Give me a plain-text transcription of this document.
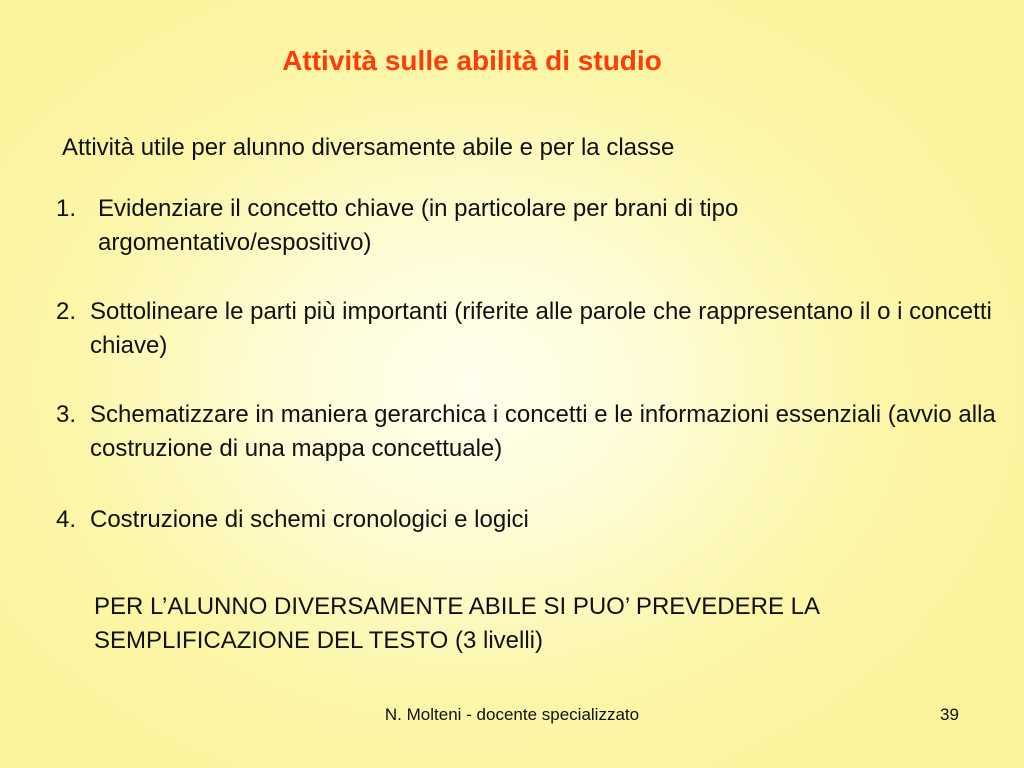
Attività sulle abilità di studio

Attività utile per alunno diversamente abile e per la classe

1. Evidenziare il concetto chiave (in particolare per brani di tipo argomentativo/espositivo)
2. Sottolineare le parti più importanti (riferite alle parole che rappresentano il o i concetti chiave)
3. Schematizzare in maniera gerarchica i concetti e le informazioni essenziali (avvio alla costruzione di una mappa concettuale)
4. Costruzione di schemi cronologici e logici

PER L’ALUNNO DIVERSAMENTE ABILE SI PUO’ PREVEDERE LA SEMPLIFICAZIONE DEL TESTO (3 livelli)

N. Molteni - docente specializzato	39
